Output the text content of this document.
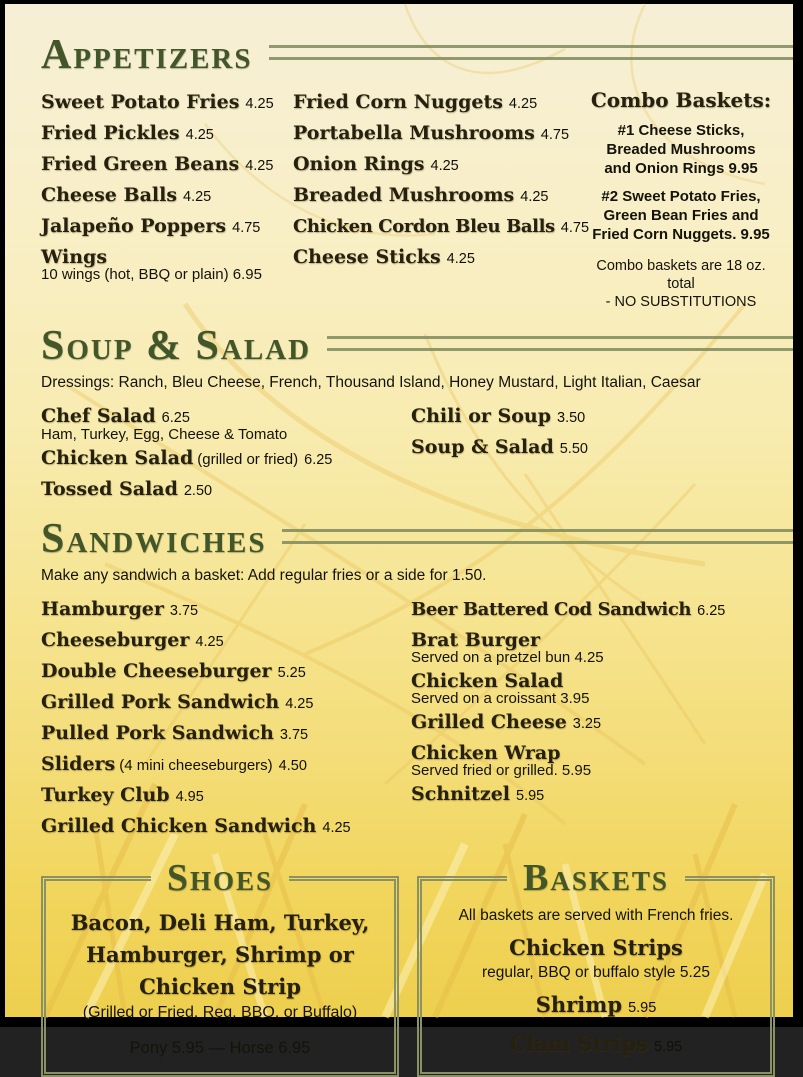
Appetizers
Sweet Potato Fries 4.25
Fried Pickles 4.25
Fried Green Beans 4.25
Cheese Balls 4.25
Jalapeño Poppers 4.75
Wings
10 wings (hot, BBQ or plain) 6.95
Fried Corn Nuggets 4.25
Portabella Mushrooms 4.75
Onion Rings 4.25
Breaded Mushrooms 4.25
Chicken Cordon Bleu Balls 4.75
Cheese Sticks 4.25
Combo Baskets:
#1 Cheese Sticks,
Breaded Mushrooms
and Onion Rings 9.95
#2 Sweet Potato Fries,
Green Bean Fries and
Fried Corn Nuggets. 9.95
Combo baskets are 18 oz. total
- NO SUBSTITUTIONS
Soup & Salad
Dressings: Ranch, Bleu Cheese, French, Thousand Island, Honey Mustard, Light Italian, Caesar
Chef Salad 6.25
Ham, Turkey, Egg, Cheese & Tomato
Chicken Salad (grilled or fried) 6.25
Tossed Salad 2.50
Chili or Soup 3.50
Soup & Salad 5.50
Sandwiches
Make any sandwich a basket: Add regular fries or a side for 1.50.
Hamburger 3.75
Cheeseburger 4.25
Double Cheeseburger 5.25
Grilled Pork Sandwich 4.25
Pulled Pork Sandwich 3.75
Sliders (4 mini cheeseburgers) 4.50
Turkey Club 4.95
Grilled Chicken Sandwich 4.25
Beer Battered Cod Sandwich 6.25
Brat Burger
Served on a pretzel bun 4.25
Chicken Salad
Served on a croissant 3.95
Grilled Cheese 3.25
Chicken Wrap
Served fried or grilled. 5.95
Schnitzel 5.95
Shoes
Bacon, Deli Ham, Turkey,
Hamburger, Shrimp or
Chicken Strip
(Grilled or Fried, Reg, BBQ, or Buffalo)
Pony 5.95 — Horse 6.95
Baskets
All baskets are served with French fries.
Chicken Strips
regular, BBQ or buffalo style 5.25
Shrimp 5.95
Clam Strips 5.95
